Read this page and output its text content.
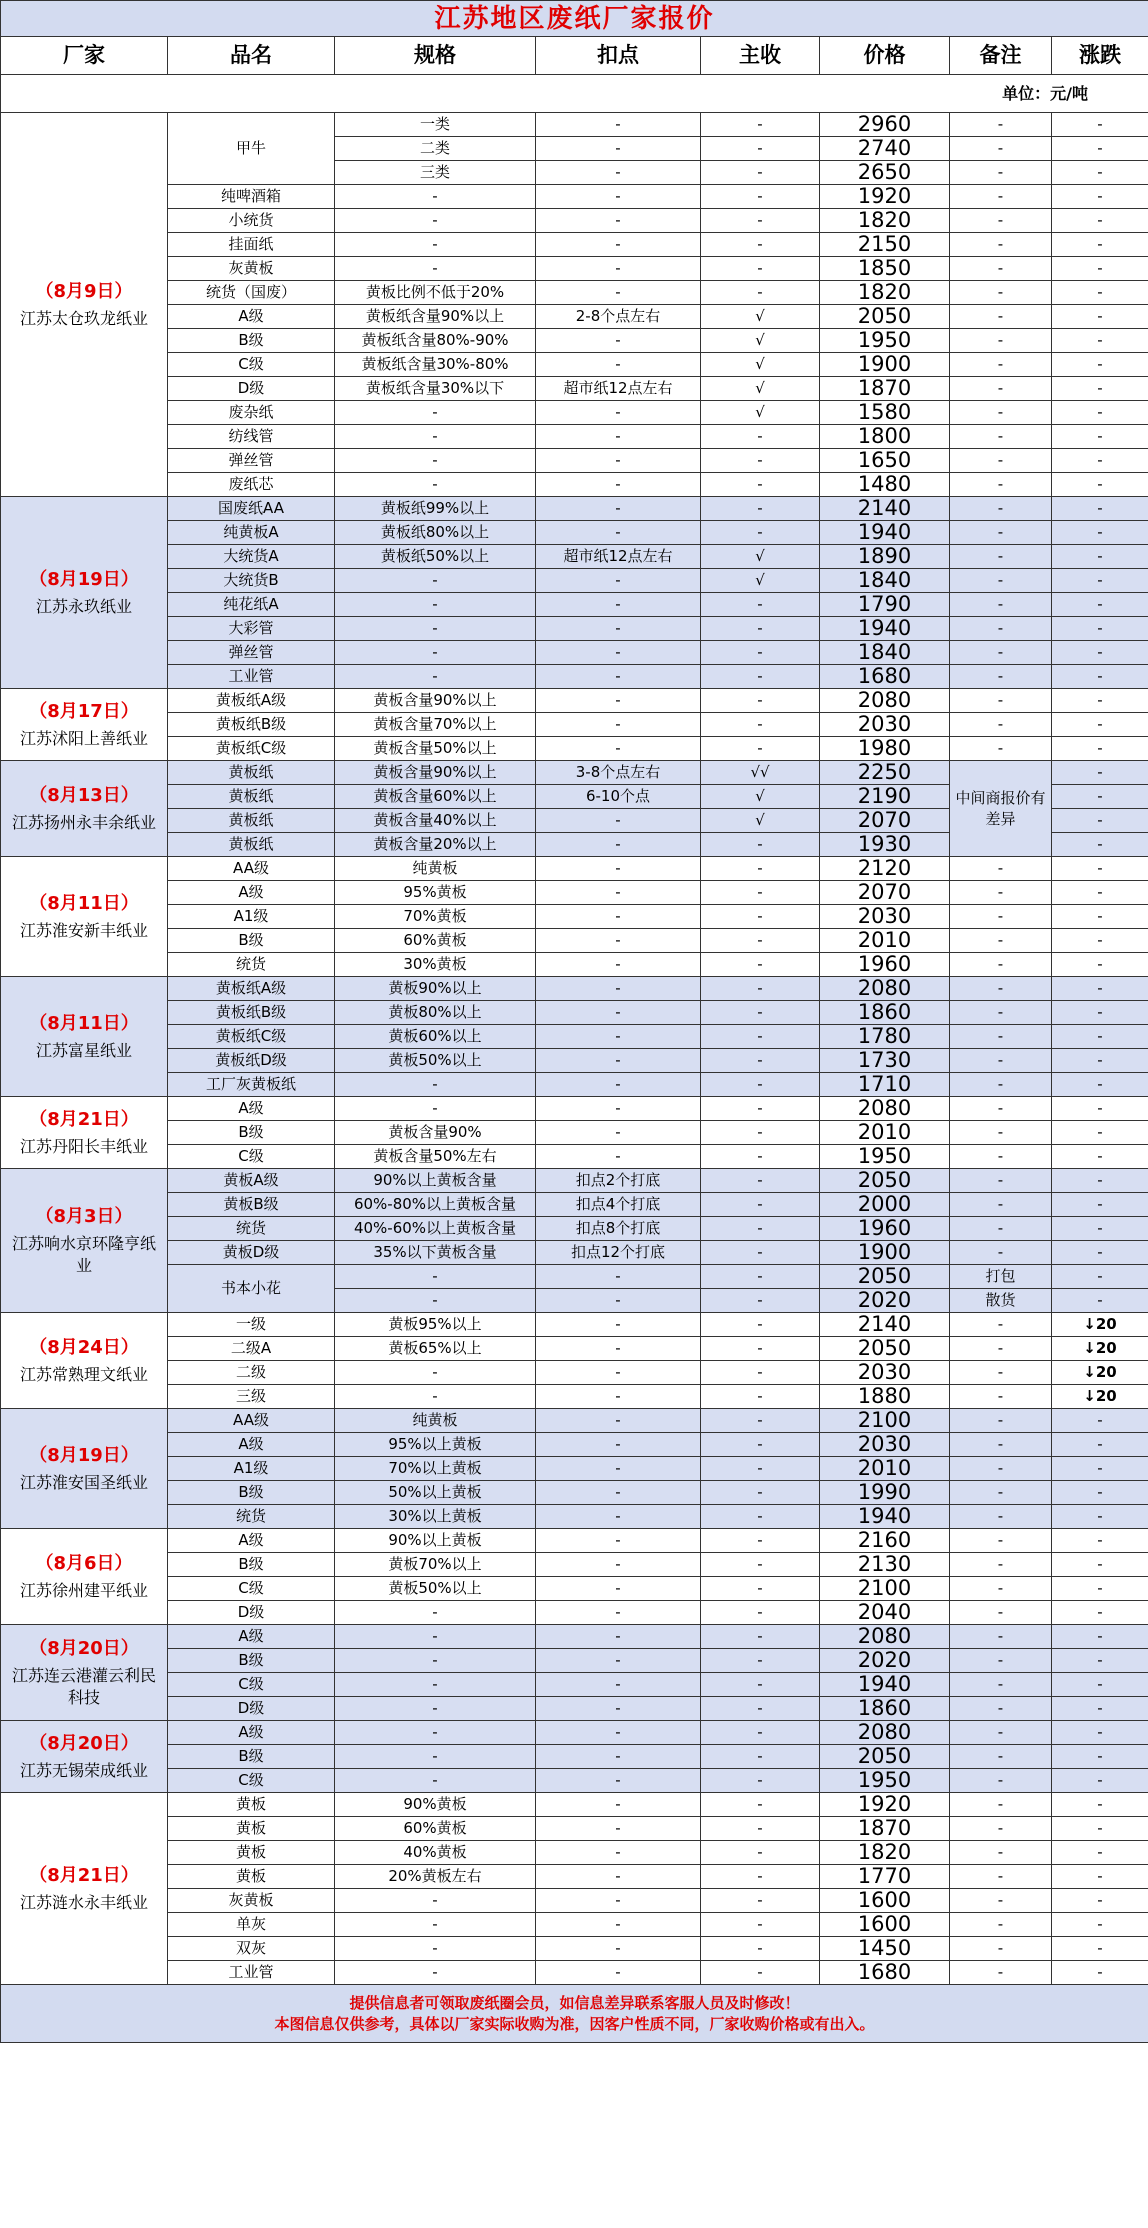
江苏地区废纸厂家报价							
厂家	品名	规格	扣点	主收	价格	备注	涨跌
单位：元/吨							

（8月9日）
江苏太仓玖龙纸业	甲牛	一类	-	-	2960	-	-
		二类	-	-	2740	-	-
		三类	-	-	2650	-	-
	纯啤酒箱	-	-	-	1920	-	-
	小统货	-	-	-	1820	-	-
	挂面纸	-	-	-	2150	-	-
	灰黄板	-	-	-	1850	-	-
	统货（国废）	黄板比例不低于20%	-	-	1820	-	-
	A级	黄板纸含量90%以上	2-8个点左右	√	2050	-	-
	B级	黄板纸含量80%-90%	-	√	1950	-	-
	C级	黄板纸含量30%-80%	-	√	1900	-	-
	D级	黄板纸含量30%以下	超市纸12点左右	√	1870	-	-
	废杂纸	-	-	√	1580	-	-
	纺线管	-	-	-	1800	-	-
	弹丝管	-	-	-	1650	-	-
	废纸芯	-	-	-	1480	-	-

（8月19日）
江苏永玖纸业	国废纸AA	黄板纸99%以上	-	-	2140	-	-
	纯黄板A	黄板纸80%以上	-	-	1940	-	-
	大统货A	黄板纸50%以上	超市纸12点左右	√	1890	-	-
	大统货B	-	-	√	1840	-	-
	纯花纸A	-	-	-	1790	-	-
	大彩管	-	-	-	1940	-	-
	弹丝管	-	-	-	1840	-	-
	工业管	-	-	-	1680	-	-

（8月17日）
江苏沭阳上善纸业	黄板纸A级	黄板含量90%以上	-	-	2080	-	-
	黄板纸B级	黄板含量70%以上	-	-	2030	-	-
	黄板纸C级	黄板含量50%以上	-	-	1980	-	-

（8月13日）
江苏扬州永丰余纸业	黄板纸	黄板含量90%以上	3-8个点左右	√√	2250	中间商报价有差异	-
	黄板纸	黄板含量60%以上	6-10个点	√	2190		-
	黄板纸	黄板含量40%以上	-	√	2070		-
	黄板纸	黄板含量20%以上	-	-	1930		-

（8月11日）
江苏淮安新丰纸业	AA级	纯黄板	-	-	2120	-	-
	A级	95%黄板	-	-	2070	-	-
	A1级	70%黄板	-	-	2030	-	-
	B级	60%黄板	-	-	2010	-	-
	统货	30%黄板	-	-	1960	-	-

（8月11日）
江苏富星纸业	黄板纸A级	黄板90%以上	-	-	2080	-	-
	黄板纸B级	黄板80%以上	-	-	1860	-	-
	黄板纸C级	黄板60%以上	-	-	1780	-	-
	黄板纸D级	黄板50%以上	-	-	1730	-	-
	工厂灰黄板纸	-	-	-	1710	-	-

（8月21日）
江苏丹阳长丰纸业	A级	-	-	-	2080	-	-
	B级	黄板含量90%	-	-	2010	-	-
	C级	黄板含量50%左右	-	-	1950	-	-

（8月3日）
江苏响水京环隆亨纸业	黄板A级	90%以上黄板含量	扣点2个打底	-	2050	-	-
	黄板B级	60%-80%以上黄板含量	扣点4个打底	-	2000	-	-
	统货	40%-60%以上黄板含量	扣点8个打底	-	1960	-	-
	黄板D级	35%以下黄板含量	扣点12个打底	-	1900	-	-
	书本小花	-	-	-	2050	打包	-
		-	-	-	2020	散货	-

（8月24日）
江苏常熟理文纸业	一级	黄板95%以上	-	-	2140	-	↓20
	二级A	黄板65%以上	-	-	2050	-	↓20
	二级	-	-	-	2030	-	↓20
	三级	-	-	-	1880	-	↓20

（8月19日）
江苏淮安国圣纸业	AA级	纯黄板	-	-	2100	-	-
	A级	95%以上黄板	-	-	2030	-	-
	A1级	70%以上黄板	-	-	2010	-	-
	B级	50%以上黄板	-	-	1990	-	-
	统货	30%以上黄板	-	-	1940	-	-

（8月6日）
江苏徐州建平纸业	A级	90%以上黄板	-	-	2160	-	-
	B级	黄板70%以上	-	-	2130	-	-
	C级	黄板50%以上	-	-	2100	-	-
	D级	-	-	-	2040	-	-

（8月20日）
江苏连云港灌云利民科技	A级	-	-	-	2080	-	-
	B级	-	-	-	2020	-	-
	C级	-	-	-	1940	-	-
	D级	-	-	-	1860	-	-

（8月20日）
江苏无锡荣成纸业	A级	-	-	-	2080	-	-
	B级	-	-	-	2050	-	-
	C级	-	-	-	1950	-	-

（8月21日）
江苏涟水永丰纸业	黄板	90%黄板	-	-	1920	-	-
	黄板	60%黄板	-	-	1870	-	-
	黄板	40%黄板	-	-	1820	-	-
	黄板	20%黄板左右	-	-	1770	-	-
	灰黄板	-	-	-	1600	-	-
	单灰	-	-	-	1600	-	-
	双灰	-	-	-	1450	-	-
	工业管	-	-	-	1680	-	-

提供信息者可领取废纸圈会员，如信息差异联系客服人员及时修改！
本图信息仅供参考，具体以厂家实际收购为准，因客户性质不同，厂家收购价格或有出入。							
